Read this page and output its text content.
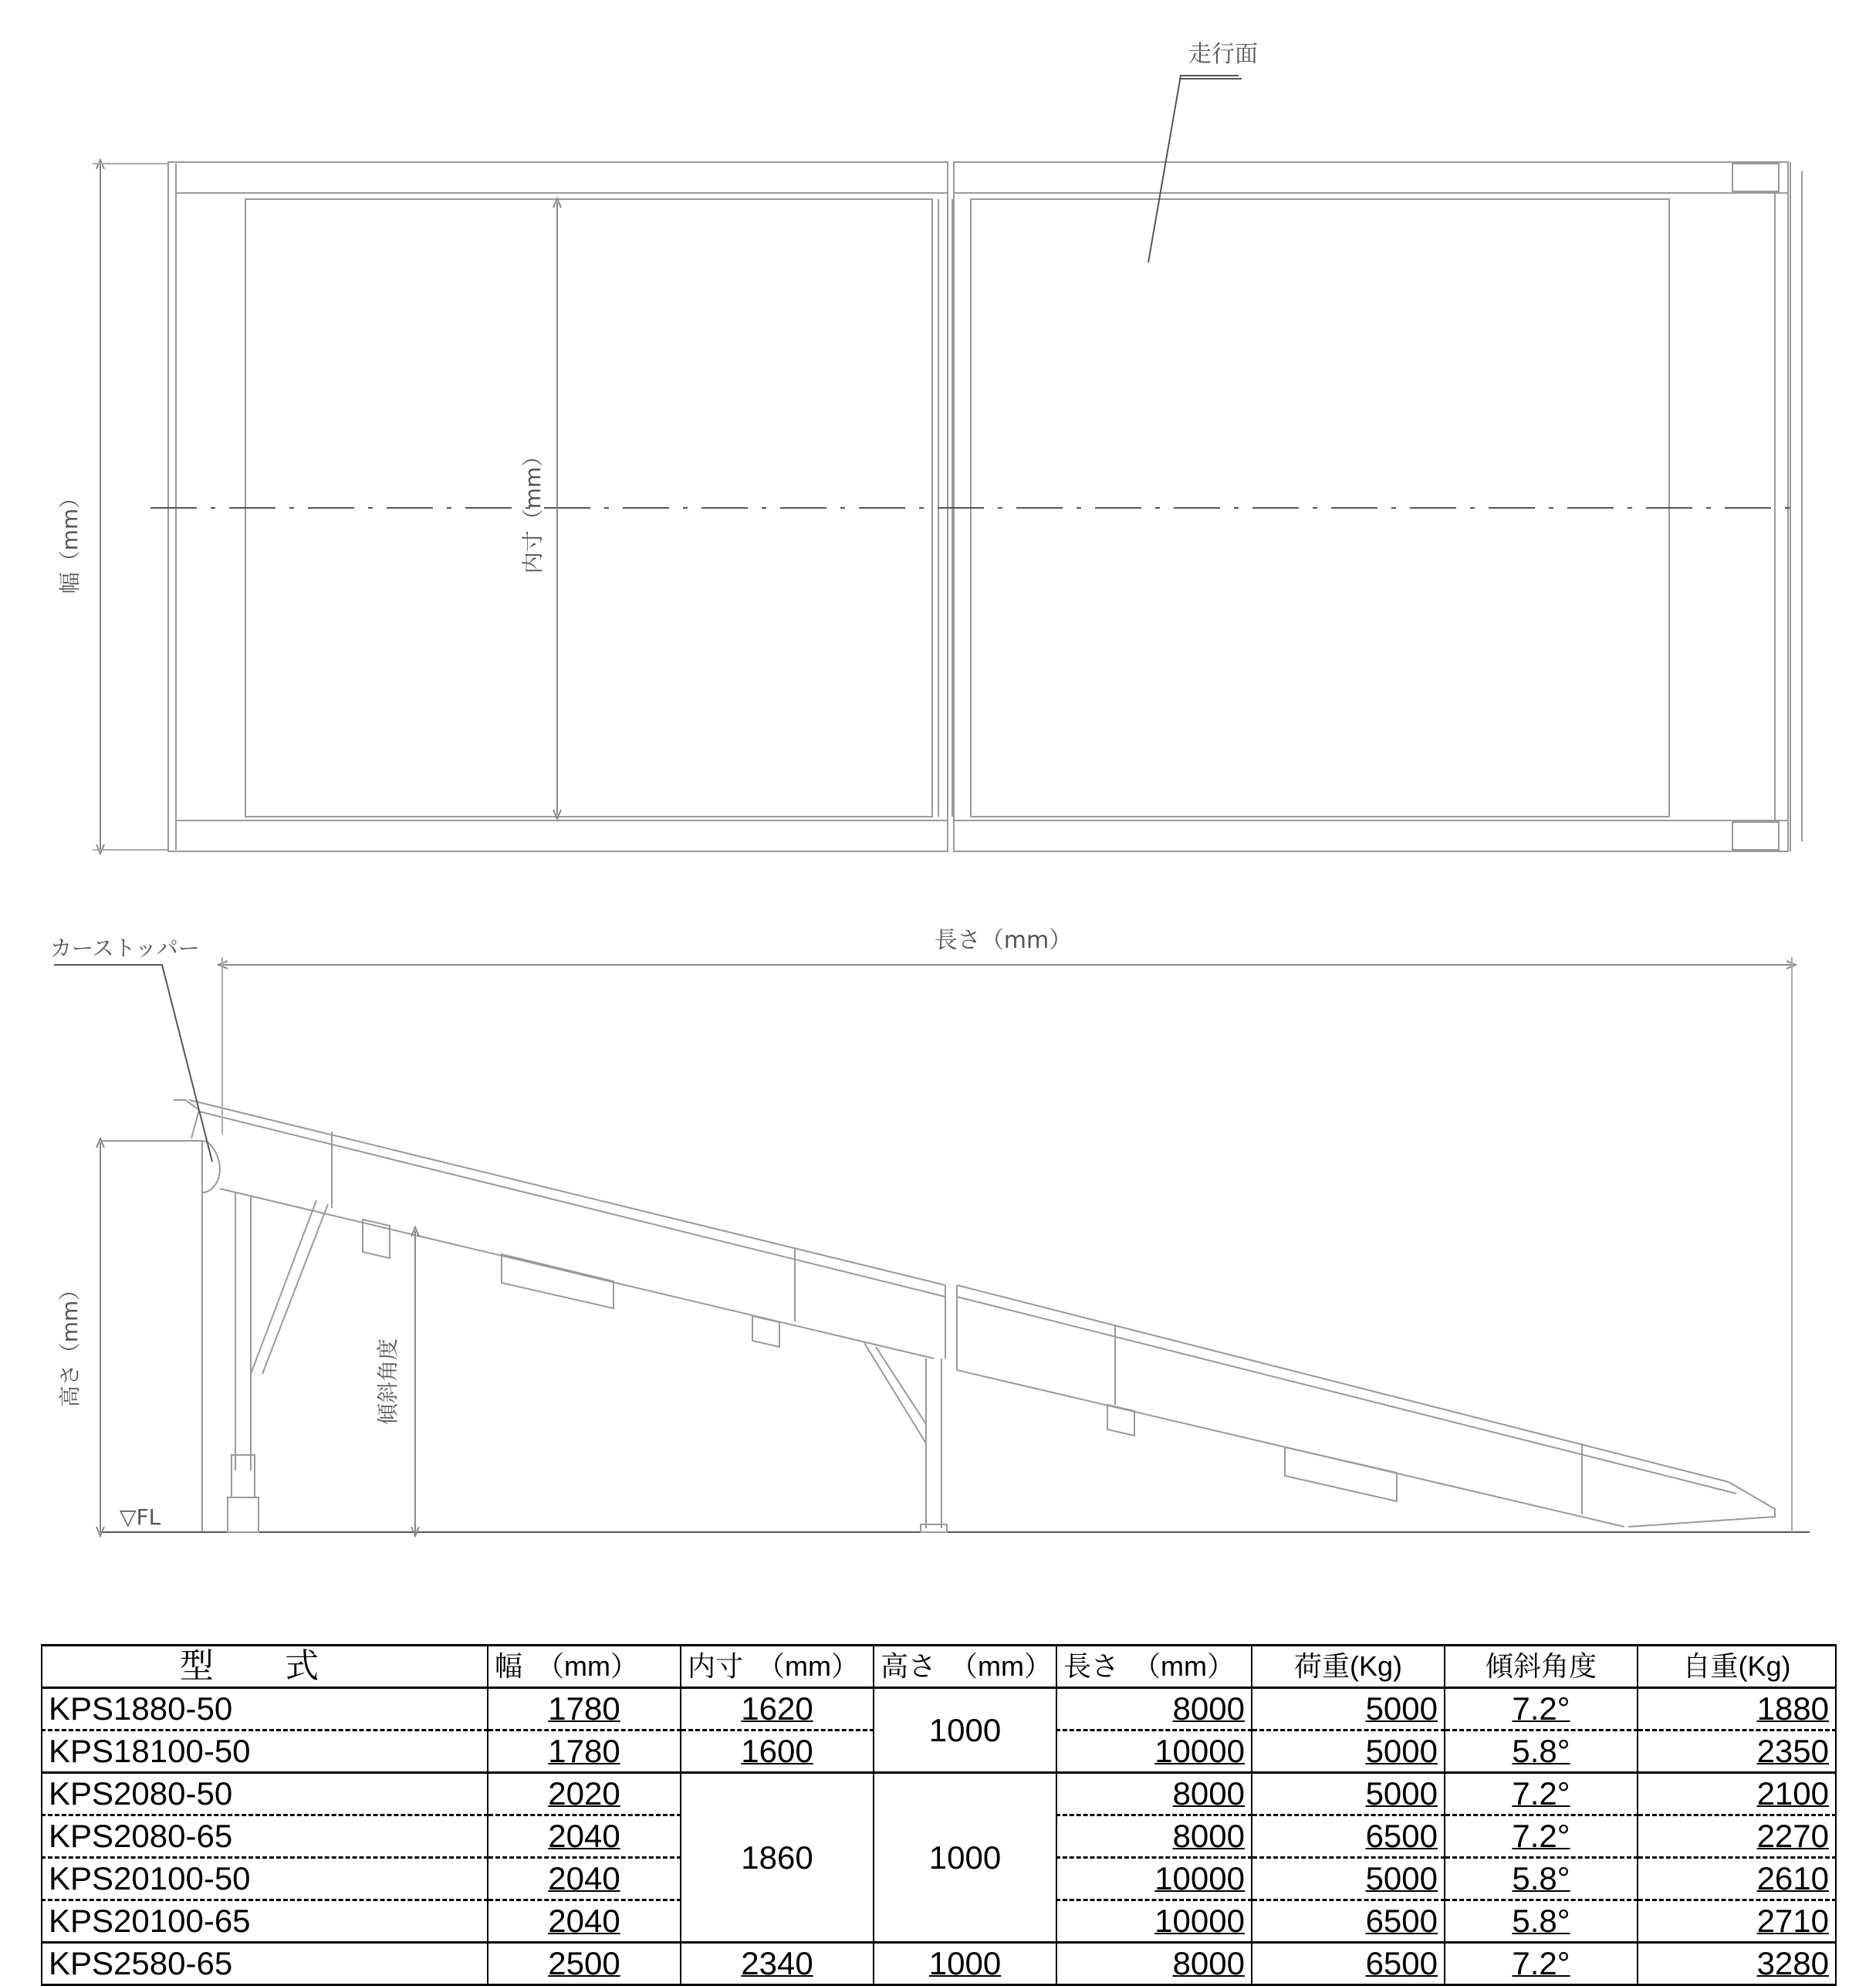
走行面
幅（mm）	内寸（mm）
カーストッパー	長さ（mm）
高さ（mm）	傾斜角度
▽FL
型 式	幅　（mm）	内寸　（mm）	高さ　（mm）	長さ　（mm）	荷重(Kg)	傾斜角度	自重(Kg)
KPS1880-50	1780	1620	1000	8000	5000	7.2°	1880
KPS18100-50	1780	1600		10000	5000	5.8°	2350
KPS2080-50	2020	1860	1000	8000	5000	7.2°	2100
KPS2080-65	2040			8000	6500	7.2°	2270
KPS20100-50	2040			10000	5000	5.8°	2610
KPS20100-65	2040			10000	6500	5.8°	2710
KPS2580-65	2500	2340	1000	8000	6500	7.2°	3280
